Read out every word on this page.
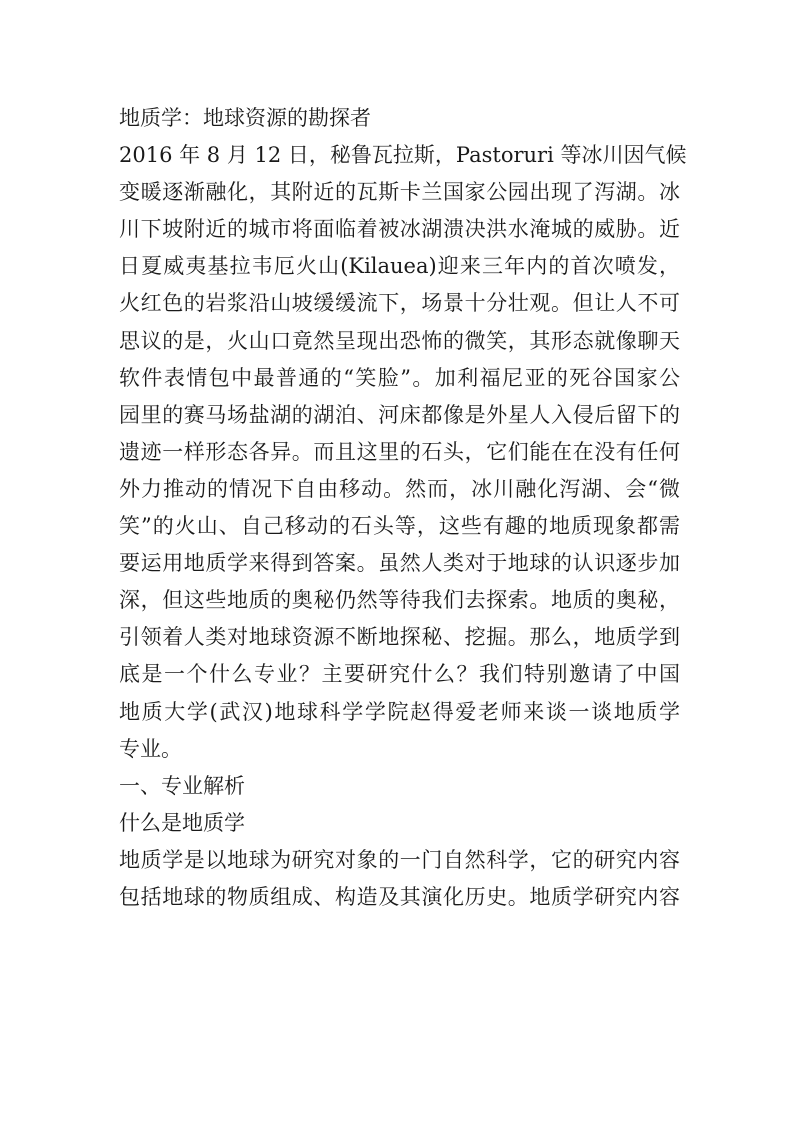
地质学：地球资源的勘探者
2016 年 8 月 12 日，秘鲁瓦拉斯，Pastoruri 等冰川因气候
变暖逐渐融化，其附近的瓦斯卡兰国家公园出现了泻湖。冰
川下坡附近的城市将面临着被冰湖溃决洪水淹城的威胁。近
日夏威夷基拉韦厄火山(Kilauea)迎来三年内的首次喷发，
火红色的岩浆沿山坡缓缓流下，场景十分壮观。但让人不可
思议的是，火山口竟然呈现出恐怖的微笑，其形态就像聊天
软件表情包中最普通的“笑脸”。加利福尼亚的死谷国家公
园里的赛马场盐湖的湖泊、河床都像是外星人入侵后留下的
遗迹一样形态各异。而且这里的石头，它们能在在没有任何
外力推动的情况下自由移动。然而，冰川融化泻湖、会“微
笑”的火山、自己移动的石头等，这些有趣的地质现象都需
要运用地质学来得到答案。虽然人类对于地球的认识逐步加
深，但这些地质的奥秘仍然等待我们去探索。地质的奥秘，
引领着人类对地球资源不断地探秘、挖掘。那么，地质学到
底是一个什么专业？主要研究什么？我们特别邀请了中国
地质大学(武汉)地球科学学院赵得爱老师来谈一谈地质学
专业。
一、专业解析
什么是地质学
地质学是以地球为研究对象的一门自然科学，它的研究内容
包括地球的物质组成、构造及其演化历史。地质学研究内容
